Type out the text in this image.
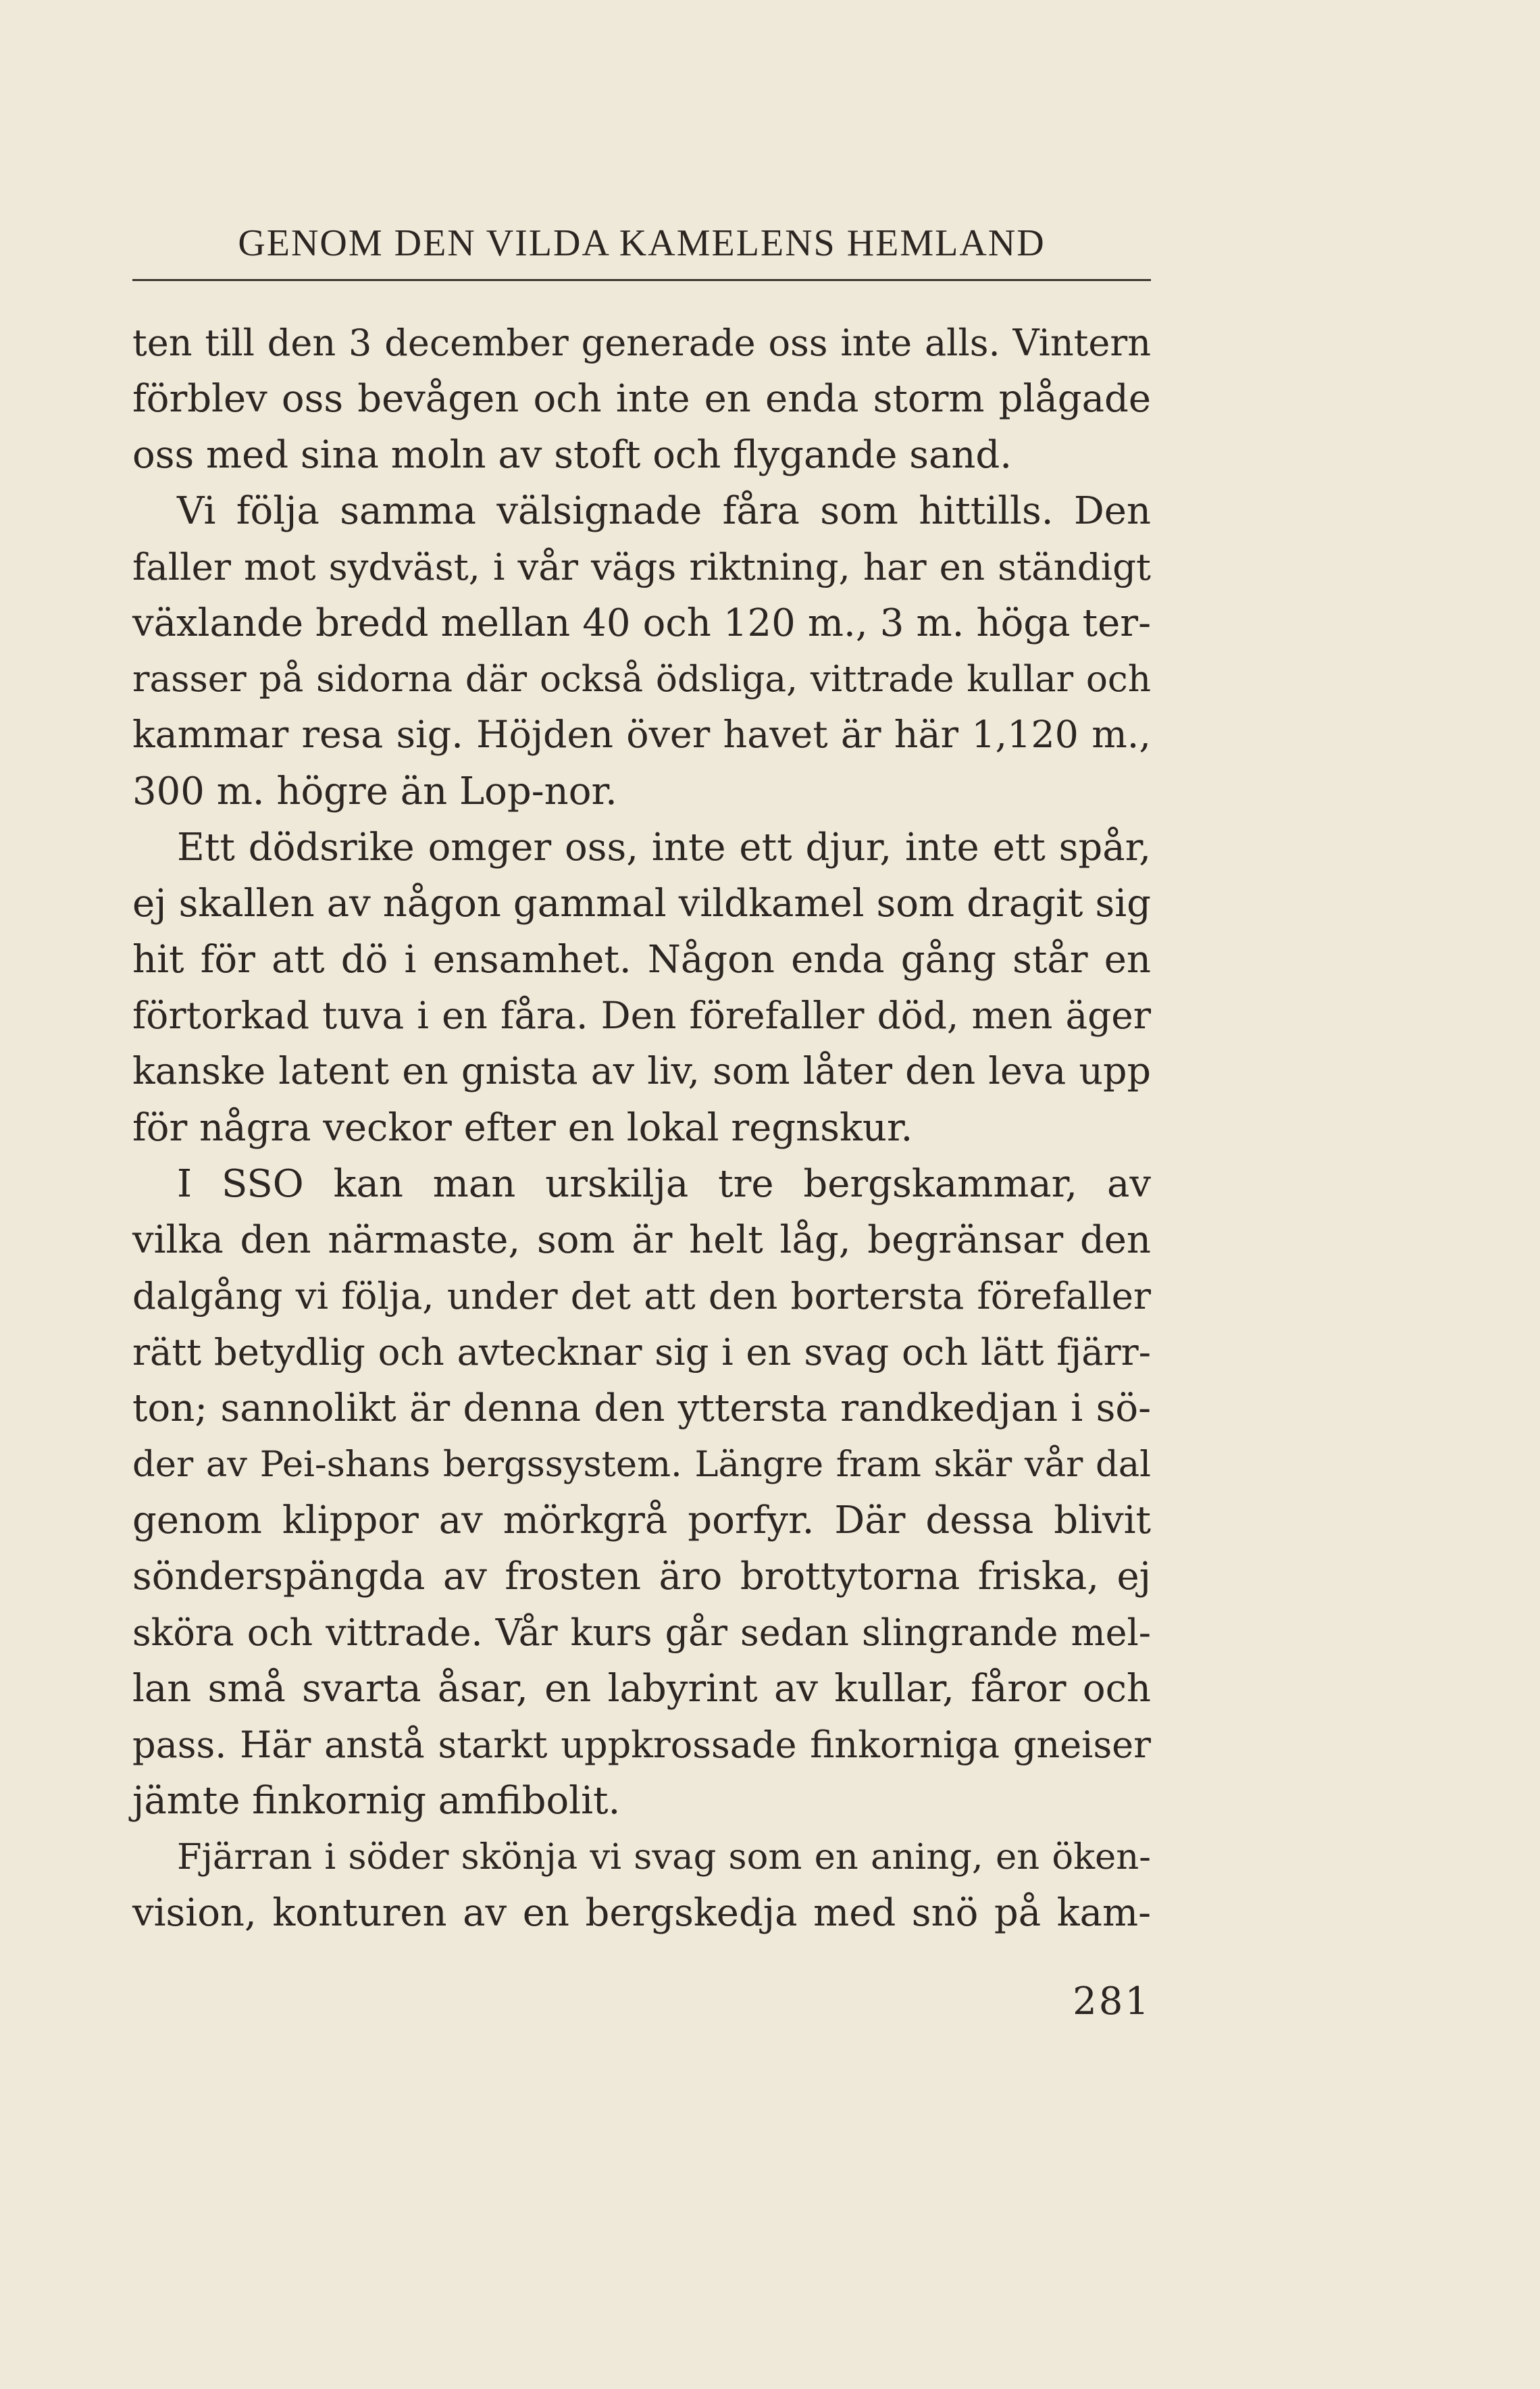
GENOM DEN VILDA KAMELENS HEMLAND
ten till den 3 december generade oss inte alls. Vintern
förblev oss bevågen och inte en enda storm plågade
oss med sina moln av stoft och flygande sand.
Vi följa samma välsignade fåra som hittills. Den
faller mot sydväst, i vår vägs riktning, har en ständigt
växlande bredd mellan 40 och 120 m., 3 m. höga ter-
rasser på sidorna där också ödsliga, vittrade kullar och
kammar resa sig. Höjden över havet är här 1,120 m.,
300 m. högre än Lop-nor.
Ett dödsrike omger oss, inte ett djur, inte ett spår,
ej skallen av någon gammal vildkamel som dragit sig
hit för att dö i ensamhet. Någon enda gång står en
förtorkad tuva i en fåra. Den förefaller död, men äger
kanske latent en gnista av liv, som låter den leva upp
för några veckor efter en lokal regnskur.
I SSO kan man urskilja tre bergskammar, av
vilka den närmaste, som är helt låg, begränsar den
dalgång vi följa, under det att den bortersta förefaller
rätt betydlig och avtecknar sig i en svag och lätt fjärr-
ton; sannolikt är denna den yttersta randkedjan i sö-
der av Pei-shans bergssystem. Längre fram skär vår dal
genom klippor av mörkgrå porfyr. Där dessa blivit
sönderspängda av frosten äro brottytorna friska, ej
sköra och vittrade. Vår kurs går sedan slingrande mel-
lan små svarta åsar, en labyrint av kullar, fåror och
pass. Här anstå starkt uppkrossade finkorniga gneiser
jämte finkornig amfibolit.
Fjärran i söder skönja vi svag som en aning, en öken-
vision, konturen av en bergskedja med snö på kam-
281
